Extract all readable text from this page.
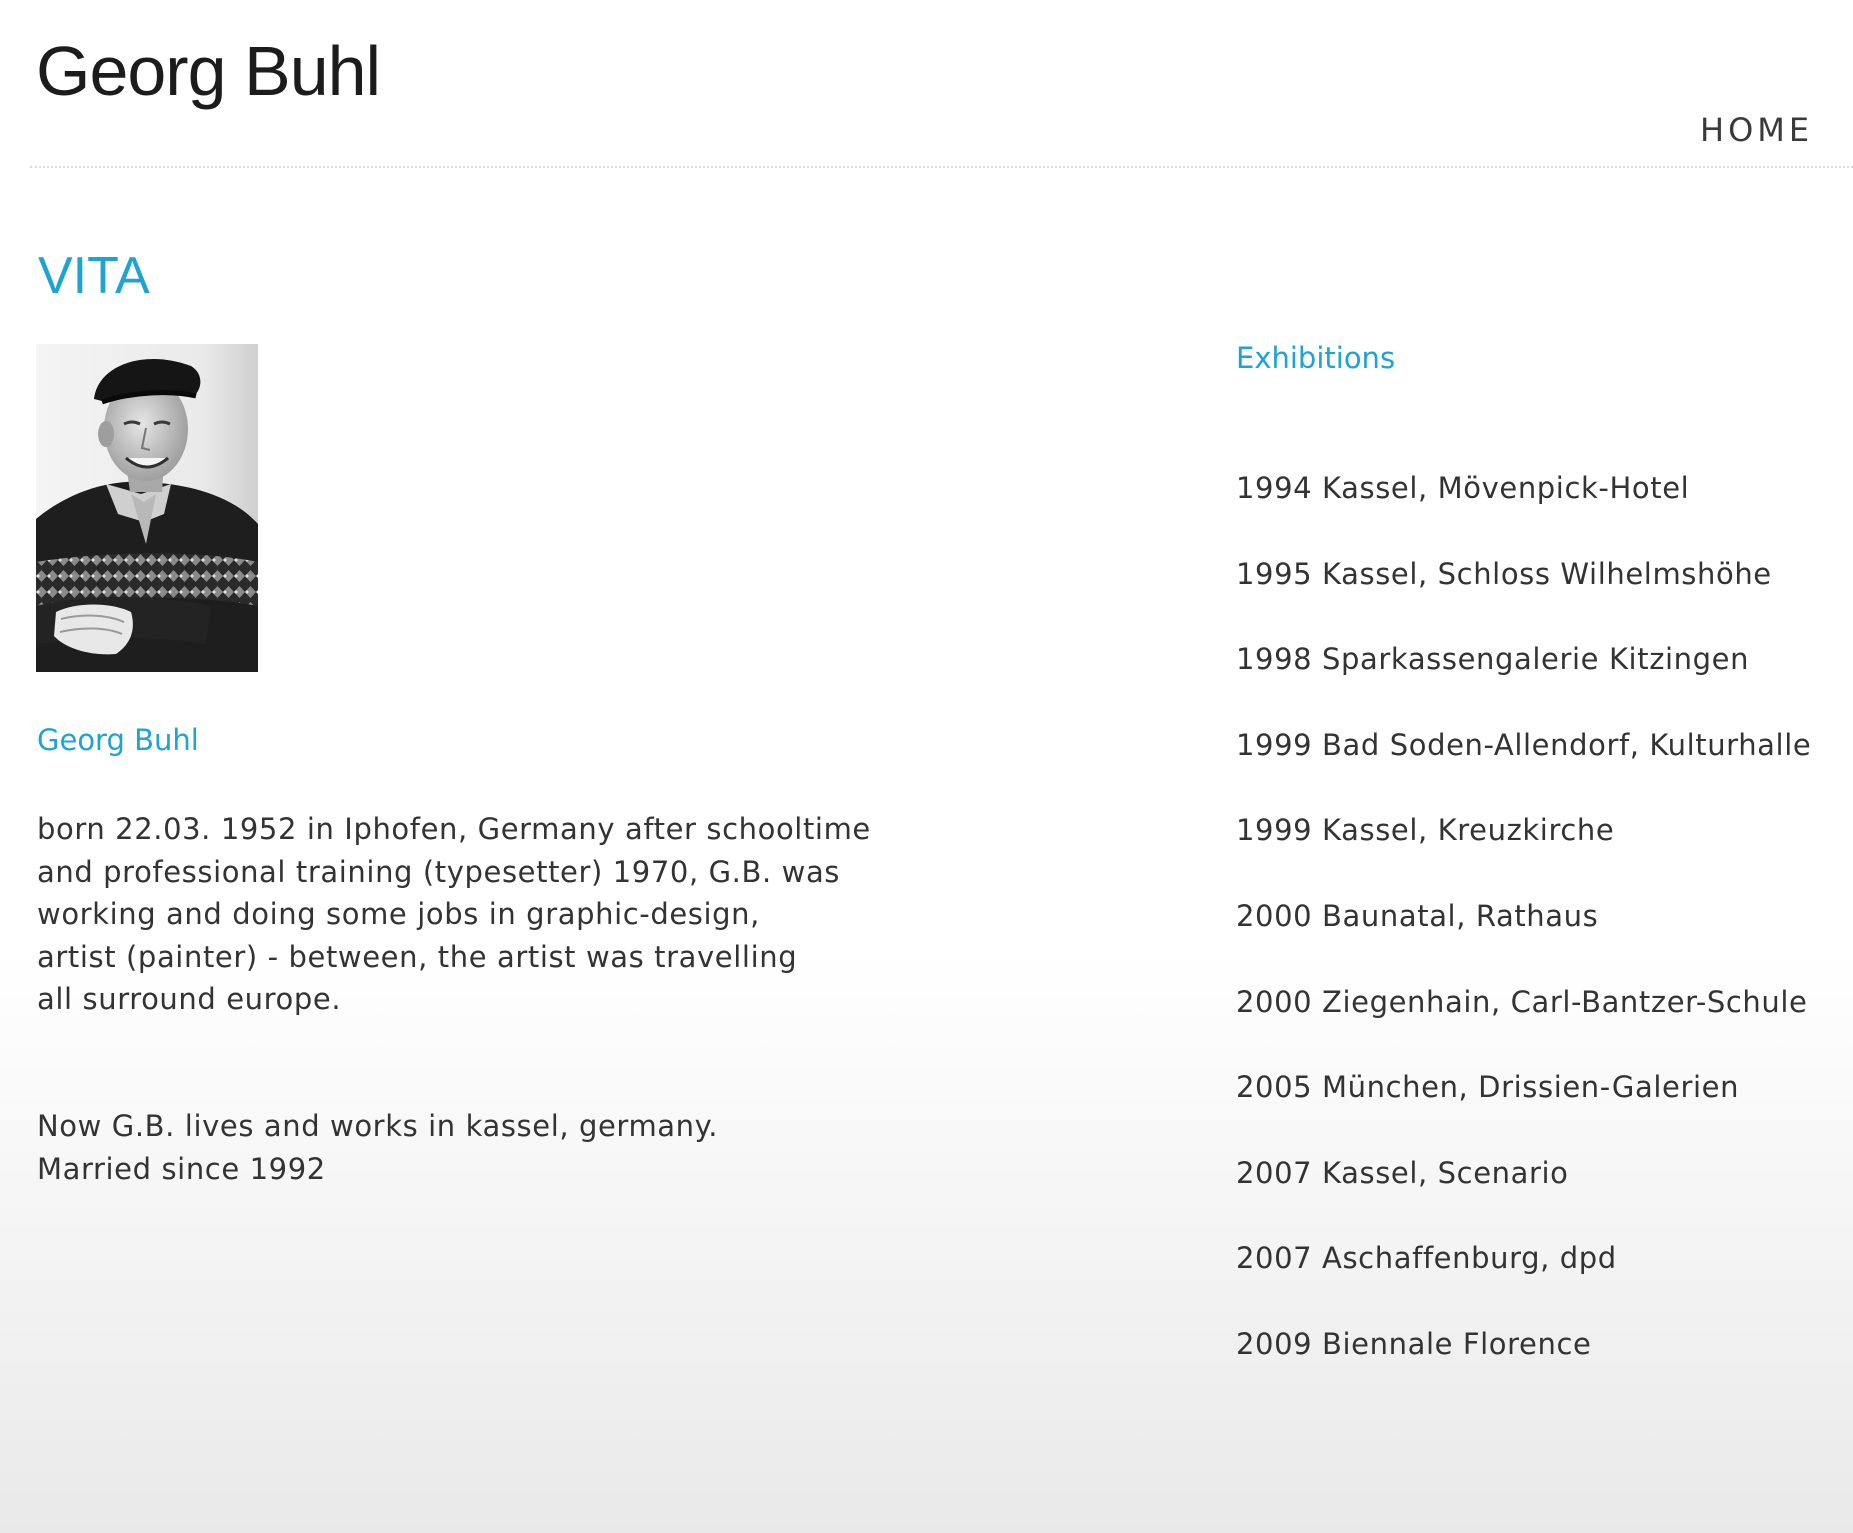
Georg Buhl
HOME
VITA
Georg Buhl

born 22.03. 1952 in Iphofen, Germany after schooltime
and professional training (typesetter) 1970, G.B. was
working and doing some jobs in graphic-design,
artist (painter) - between, the artist was travelling
all surround europe.

Now G.B. lives and works in kassel, germany.
Married since 1992

Exhibitions
1994 Kassel, Mövenpick-Hotel
1995 Kassel, Schloss Wilhelmshöhe
1998 Sparkassengalerie Kitzingen
1999 Bad Soden-Allendorf, Kulturhalle
1999 Kassel, Kreuzkirche
2000 Baunatal, Rathaus
2000 Ziegenhain, Carl-Bantzer-Schule
2005 München, Drissien-Galerien
2007 Kassel, Scenario
2007 Aschaffenburg, dpd
2009 Biennale Florence
